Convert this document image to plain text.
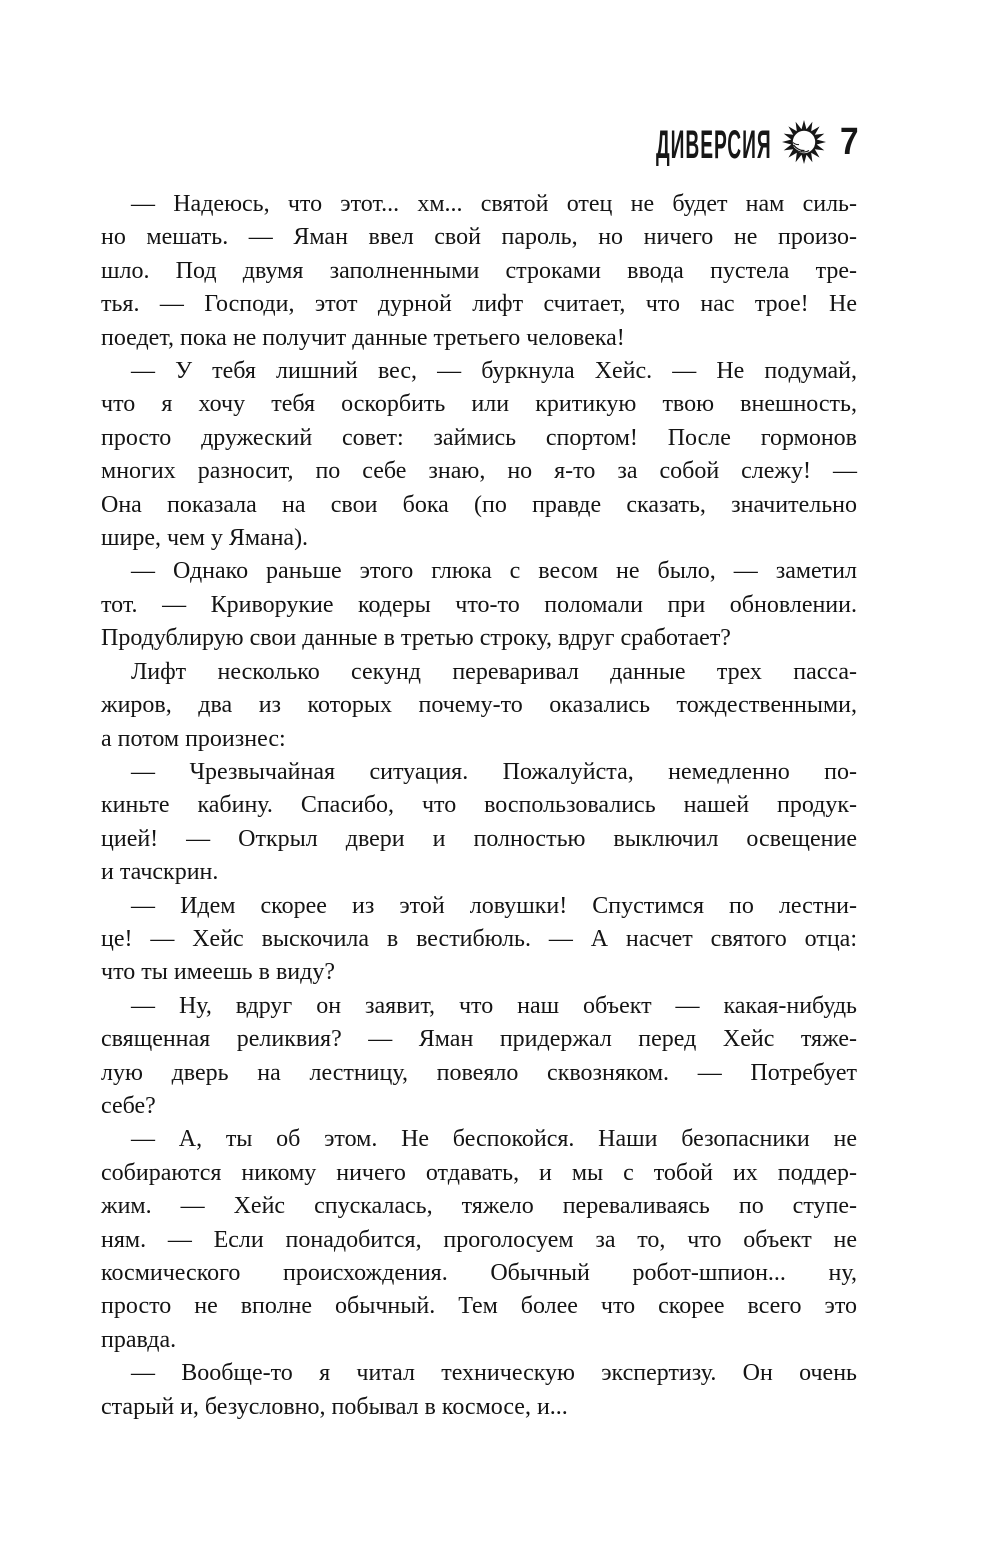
ДИВЕРСИЯ 7
— Надеюсь, что этот... хм... святой отец не будет нам силь-
но мешать. — Яман ввел свой пароль, но ничего не произо-
шло. Под двумя заполненными строками ввода пустела тре-
тья. — Господи, этот дурной лифт считает, что нас трое! Не
поедет, пока не получит данные третьего человека!
— У тебя лишний вес, — буркнула Хейс. — Не подумай,
что я хочу тебя оскорбить или критикую твою внешность,
просто дружеский совет: займись спортом! После гормонов
многих разносит, по себе знаю, но я-то за собой слежу! —
Она показала на свои бока (по правде сказать, значительно
шире, чем у Ямана).
— Однако раньше этого глюка с весом не было, — заметил
тот. — Криворукие кодеры что-то поломали при обновлении.
Продублирую свои данные в третью строку, вдруг сработает?
Лифт несколько секунд переваривал данные трех пасса-
жиров, два из которых почему-то оказались тождественными,
а потом произнес:
— Чрезвычайная ситуация. Пожалуйста, немедленно по-
киньте кабину. Спасибо, что воспользовались нашей продук-
цией! — Открыл двери и полностью выключил освещение
и тачскрин.
— Идем скорее из этой ловушки! Спустимся по лестни-
це! — Хейс выскочила в вестибюль. — А насчет святого отца:
что ты имеешь в виду?
— Ну, вдруг он заявит, что наш объект — какая-нибудь
священная реликвия? — Яман придержал перед Хейс тяже-
лую дверь на лестницу, повеяло сквозняком. — Потребует
себе?
— А, ты об этом. Не беспокойся. Наши безопасники не
собираются никому ничего отдавать, и мы с тобой их поддер-
жим. — Хейс спускалась, тяжело переваливаясь по ступе-
ням. — Если понадобится, проголосуем за то, что объект не
космического происхождения. Обычный робот-шпион... ну,
просто не вполне обычный. Тем более что скорее всего это
правда.
— Вообще-то я читал техническую экспертизу. Он очень
старый и, безусловно, побывал в космосе, и...
